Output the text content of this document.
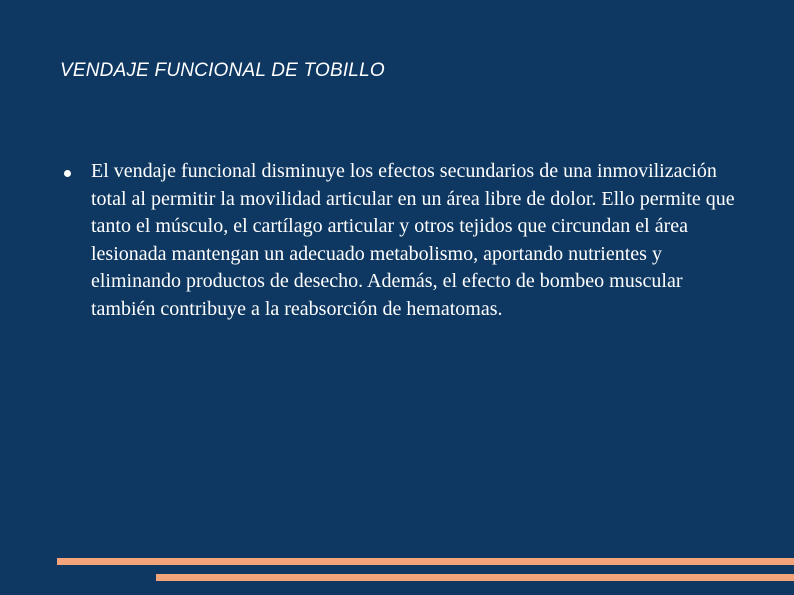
VENDAJE FUNCIONAL DE TOBILLO
El vendaje funcional disminuye los efectos secundarios de una inmovilización total al permitir la movilidad articular en un área libre de dolor. Ello permite que tanto el músculo, el cartílago articular y otros tejidos que circundan el área lesionada mantengan un adecuado metabolismo, aportando nutrientes y eliminando productos de desecho. Además, el efecto de bombeo muscular también contribuye a la reabsorción de hematomas.
